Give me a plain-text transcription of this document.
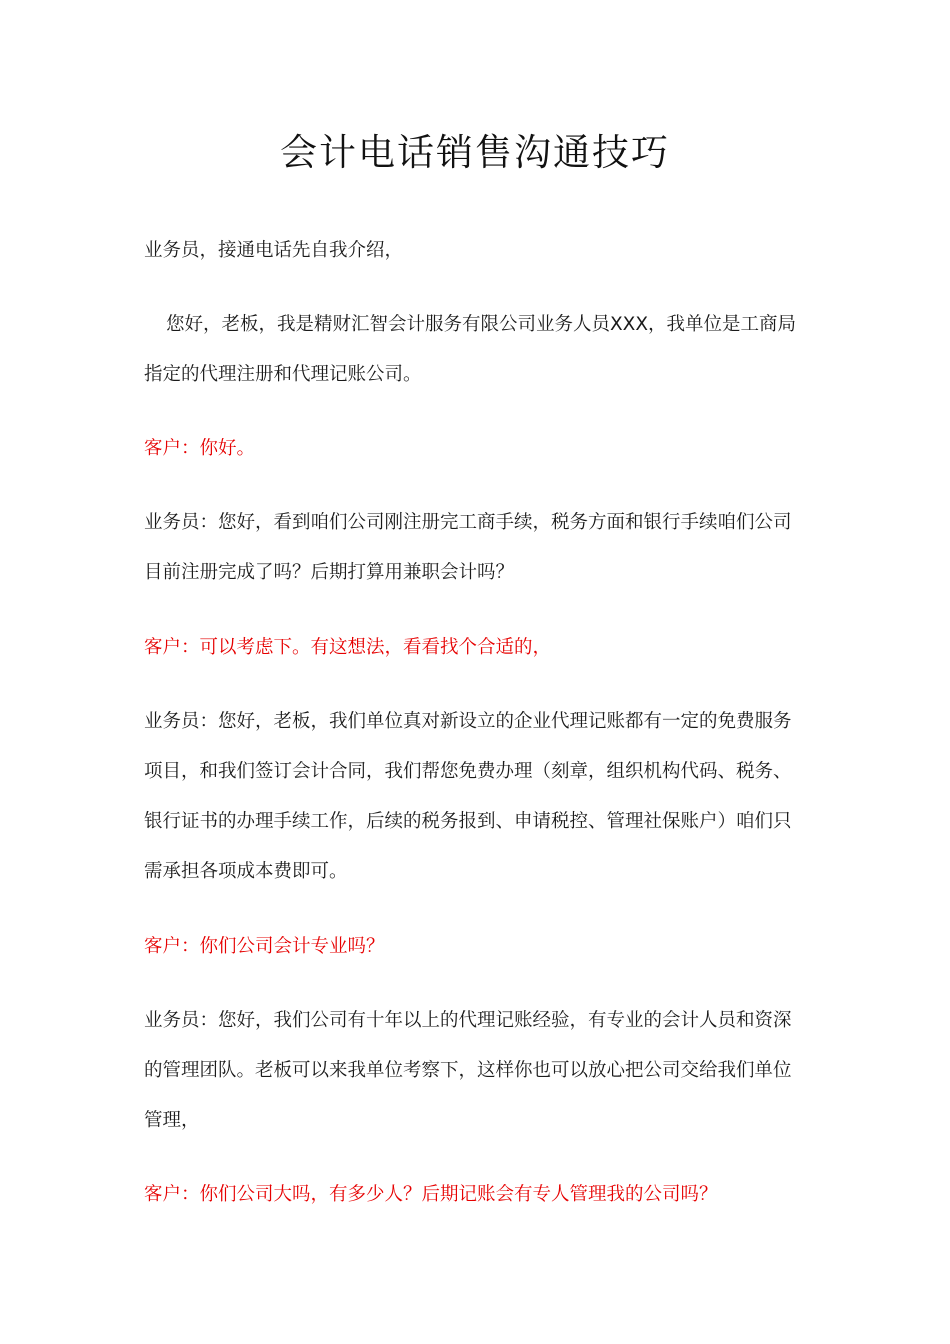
会计电话销售沟通技巧

业务员，接通电话先自我介绍，

您好，老板，我是精财汇智会计服务有限公司业务人员XXX，我单位是工商局指定的代理注册和代理记账公司。

客户：你好。

业务员：您好，看到咱们公司刚注册完工商手续，税务方面和银行手续咱们公司目前注册完成了吗？后期打算用兼职会计吗？

客户：可以考虑下。有这想法，看看找个合适的，

业务员：您好，老板，我们单位真对新设立的企业代理记账都有一定的免费服务项目，和我们签订会计合同，我们帮您免费办理（刻章，组织机构代码、税务、银行证书的办理手续工作，后续的税务报到、申请税控、管理社保账户）咱们只需承担各项成本费即可。

客户：你们公司会计专业吗？

业务员：您好，我们公司有十年以上的代理记账经验，有专业的会计人员和资深的管理团队。老板可以来我单位考察下，这样你也可以放心把公司交给我们单位管理，

客户：你们公司大吗，有多少人？后期记账会有专人管理我的公司吗？
